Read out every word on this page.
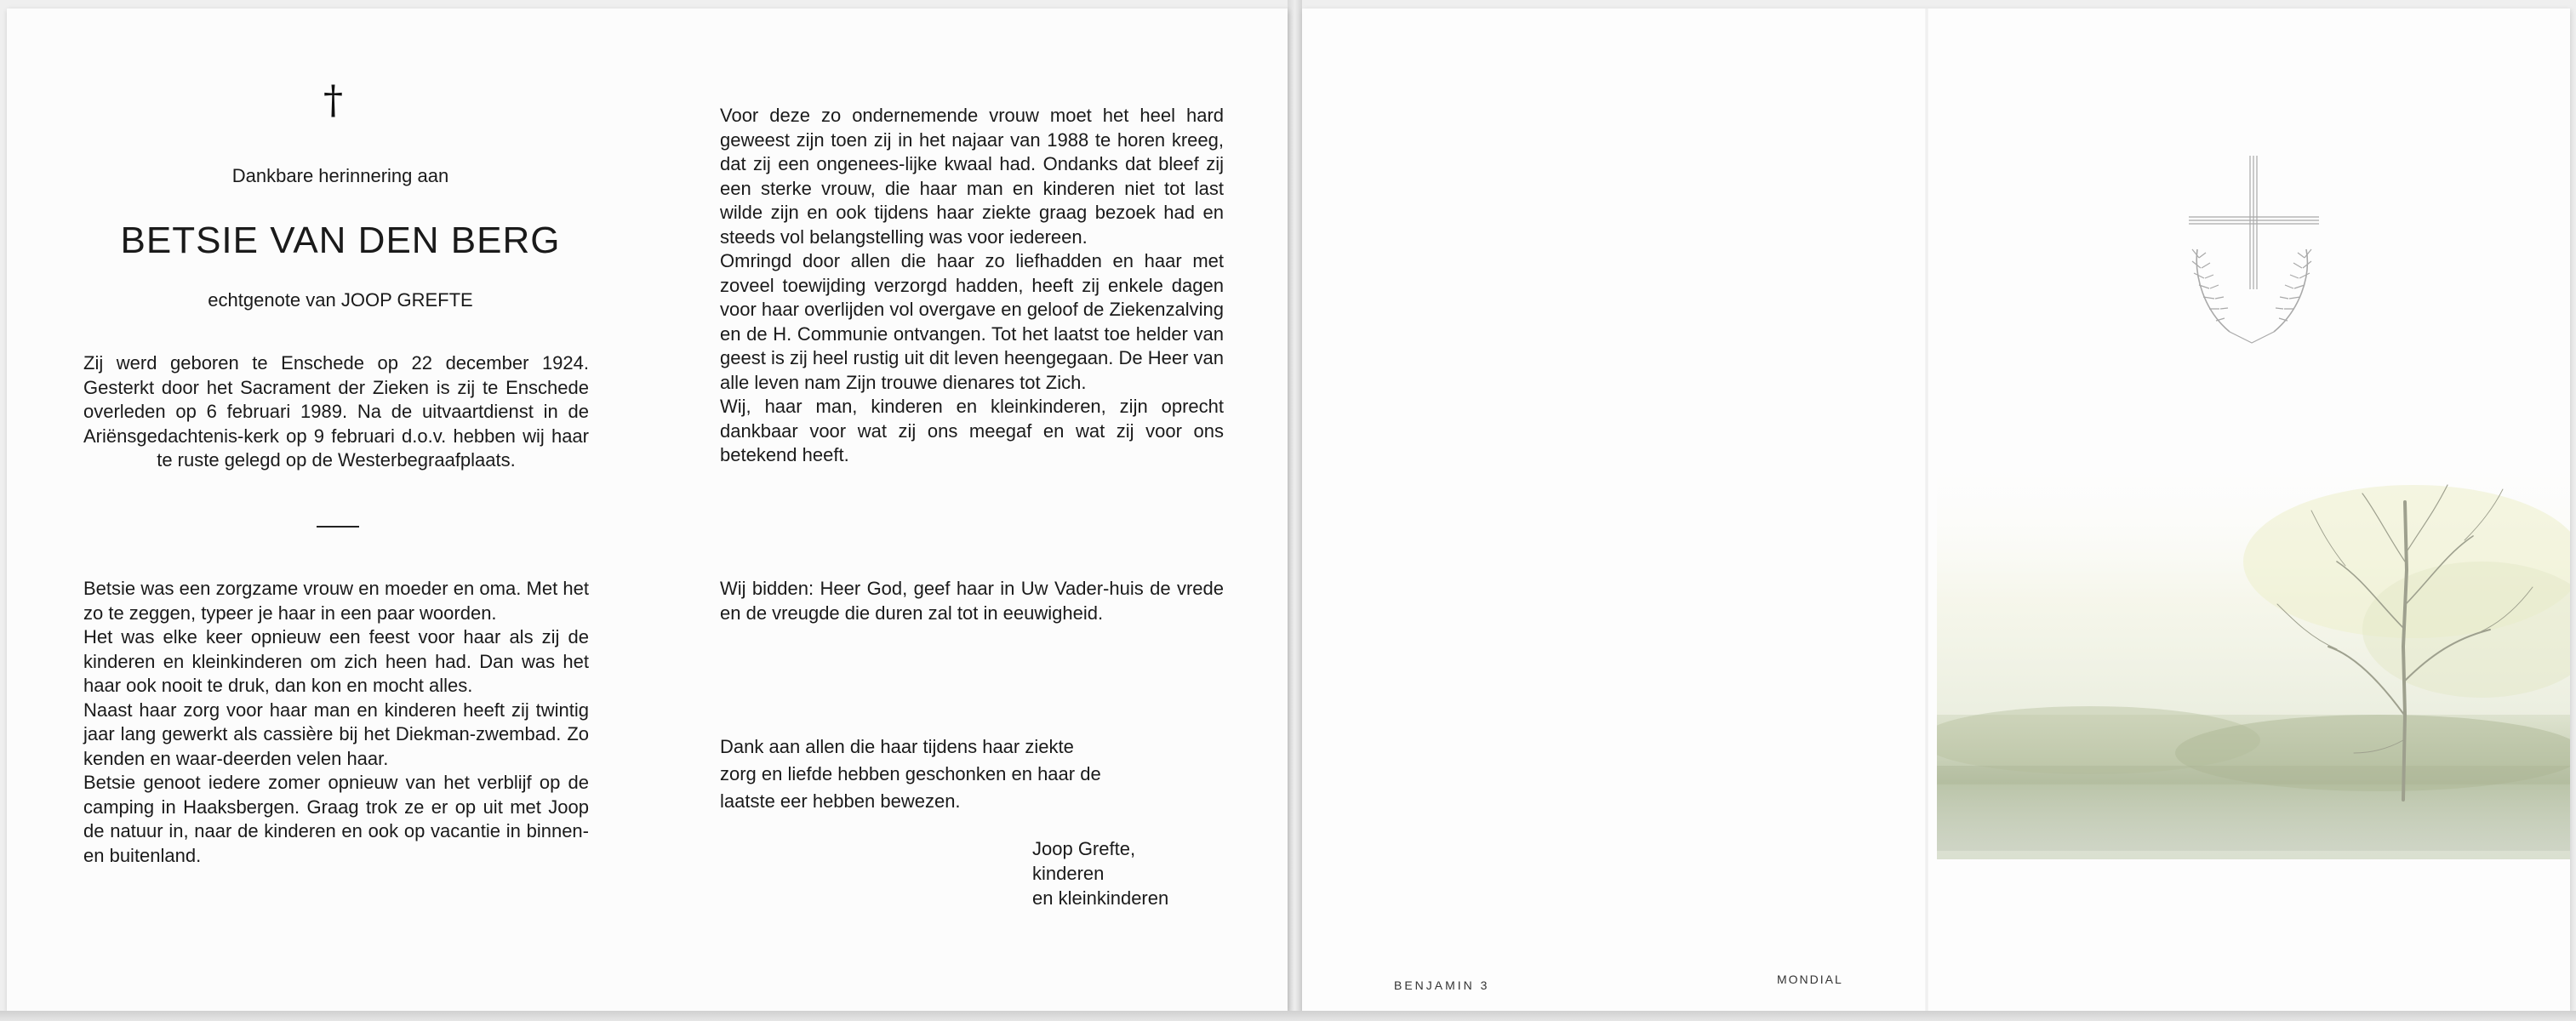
†
Dankbare herinnering aan
BETSIE VAN DEN BERG
echtgenote van JOOP GREFTE

Zij werd geboren te Enschede op 22 december 1924. Gesterkt door het Sacrament der Zieken is zij te Enschede overleden op 6 februari 1989. Na de uitvaartdienst in de Ariënsgedachtenis-kerk op 9 februari d.o.v. hebben wij haar te ruste gelegd op de Westerbegraafplaats.

Betsie was een zorgzame vrouw en moeder en oma. Met het zo te zeggen, typeer je haar in een paar woorden.

Het was elke keer opnieuw een feest voor haar als zij de kinderen en kleinkinderen om zich heen had. Dan was het haar ook nooit te druk, dan kon en mocht alles.

Naast haar zorg voor haar man en kinderen heeft zij twintig jaar lang gewerkt als cassière bij het Diekman-zwembad. Zo kenden en waar-deerden velen haar.

Betsie genoot iedere zomer opnieuw van het verblijf op de camping in Haaksbergen. Graag trok ze er op uit met Joop de natuur in, naar de kinderen en ook op vacantie in binnen- en buitenland.

Voor deze zo ondernemende vrouw moet het heel hard geweest zijn toen zij in het najaar van 1988 te horen kreeg, dat zij een ongenees-lijke kwaal had. Ondanks dat bleef zij een sterke vrouw, die haar man en kinderen niet tot last wilde zijn en ook tijdens haar ziekte graag bezoek had en steeds vol belangstelling was voor iedereen.

Omringd door allen die haar zo liefhadden en haar met zoveel toewijding verzorgd hadden, heeft zij enkele dagen voor haar overlijden vol overgave en geloof de Ziekenzalving en de H. Communie ontvangen. Tot het laatst toe helder van geest is zij heel rustig uit dit leven heengegaan. De Heer van alle leven nam Zijn trouwe dienares tot Zich.

Wij, haar man, kinderen en kleinkinderen, zijn oprecht dankbaar voor wat zij ons meegaf en wat zij voor ons betekend heeft.

Wij bidden: Heer God, geef haar in Uw Vader-huis de vrede en de vreugde die duren zal tot in eeuwigheid.

Dank aan allen die haar tijdens haar ziekte

zorg en liefde hebben geschonken en haar de

laatste eer hebben bewezen.

Joop Grefte,
kinderen
en kleinkinderen
BENJAMIN 3	MONDIAL
